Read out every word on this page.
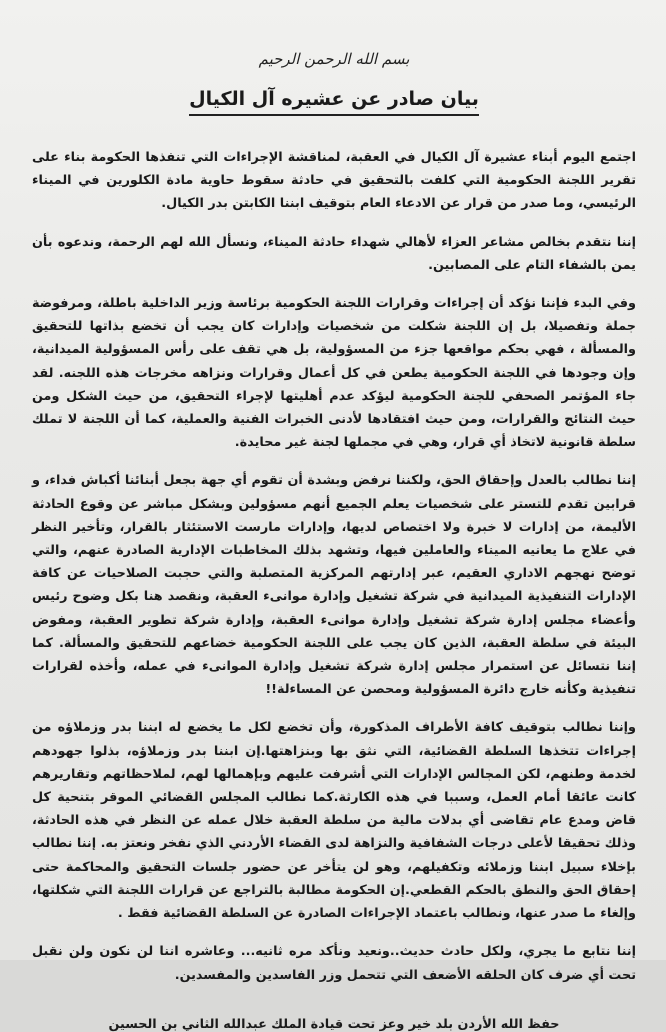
بسم الله الرحمن الرحيم
بيان صادر عن عشيره آل الكيال

اجتمع اليوم أبناء عشيرة آل الكيال في العقبة، لمناقشة الإجراءات التي تنفذها الحكومة بناء على تقرير اللجنة الحكومية التي كلفت بالتحقيق في حادثة سقوط حاوية مادة الكلورين في الميناء الرئيسي، وما صدر من قرار عن الادعاء العام بتوقيف ابننا الكابتن بدر الكيال.

إننا نتقدم بخالص مشاعر العزاء لأهالي شهداء حادثة الميناء، ونسأل الله لهم الرحمة، وندعوه بأن يمن بالشفاء التام على المصابين.

وفي البدء فإننا نؤكد أن إجراءات وقرارات اللجنة الحكومية برئاسة وزير الداخلية باطلة، ومرفوضة جملة وتفصيلا، بل إن اللجنة شكلت من شخصيات وإدارات كان يجب أن تخضع بذاتها للتحقيق والمسألة ، فهي بحكم مواقعها جزء من المسؤولية، بل هي تقف على رأس المسؤولية الميدانية، وإن وجودها في اللجنة الحكومية يطعن في كل أعمال وقرارات ونزاهه مخرجات هذه اللجنه. لقد جاء المؤتمر الصحفي للجنة الحكومية ليؤكد عدم أهليتها لإجراء التحقيق، من حيث الشكل ومن حيث النتائج والقرارات، ومن حيث افتقادها لأدنى الخبرات الفنية والعملية، كما أن اللجنة لا تملك سلطة قانونية لاتخاذ أي قرار، وهي في مجملها لجنة غير محايدة.

إننا نطالب بالعدل وإحقاق الحق، ولكننا نرفض وبشدة أن تقوم أي جهة بجعل أبنائنا أكباش فداء، و قرابين تقدم للتستر على شخصيات يعلم الجميع أنهم مسؤولين وبشكل مباشر عن وقوع الحادثة الأليمة، من إدارات لا خبرة ولا اختصاص لديها، وإدارات مارست الاستئثار بالقرار، وتأخير النظر في علاج ما يعانيه الميناء والعاملين فيها، وتشهد بذلك المخاطبات الإدارية الصادرة عنهم، والتي توضح نهجهم الاداري العقيم، عبر إدارتهم المركزية المتصلبة والتي حجبت الصلاحيات عن كافة الإدارات التنفيذية الميدانية في شركة تشغيل وإدارة موانىء العقبة، ونقصد هنا بكل وضوح رئيس وأعضاء مجلس إدارة شركة تشغيل وإدارة موانىء العقبة، وإدارة شركة تطوير العقبة، ومفوض البيئة في سلطة العقبة، الذين كان يجب على اللجنة الحكومية خضاعهم للتحقيق والمسألة. كما إننا نتسائل عن استمرار مجلس إدارة شركة تشغيل وإدارة الموانىء في عمله، وأخذه لقرارات تنفيذية وكأنه خارج دائرة المسؤولية ومحصن عن المساءلة!!

وإننا نطالب بتوقيف كافة الأطراف المذكورة، وأن تخضع لكل ما يخضع له ابننا بدر وزملاؤه من إجراءات تتخذها السلطة القضائية، التي نثق بها وبنزاهتها.إن ابننا بدر وزملاؤه، بذلوا جهودهم لخدمة وطنهم، لكن المجالس الإدارات التي أشرفت عليهم وبإهمالها لهم، لملاحظاتهم وتقاريرهم كانت عائقا أمام العمل، وسببا في هذه الكارثة.كما نطالب المجلس القضائي الموقر بتنحية كل قاض ومدع عام تقاضى أي بدلات مالية من سلطة العقبة خلال عمله عن النظر في هذه الحادثة، وذلك تحقيقا لأعلى درجات الشفافية والنزاهة لدى القضاء الأردني الذي نفخر ونعتز به. إننا نطالب بإخلاء سبيل ابننا وزملائه وتكفيلهم، وهو لن يتأخر عن حضور جلسات التحقيق والمحاكمة حتى إحقاق الحق والنطق بالحكم القطعي.إن الحكومة مطالبة بالتراجع عن قرارات اللجنة التي شكلتها، وإلغاء ما صدر عنها، ونطالب باعتماد الإجراءات الصادرة عن السلطة القضائية فقط .

إننا نتابع ما يجري، ولكل حادث حديث..ونعيد ونأكد مره ثانيه... وعاشره اننا لن نكون ولن نقبل تحت أي ضرف كان الحلقه الأضعف التي تتحمل وزر الفاسدين والمفسدين.

حفظ الله الأردن بلد خير وعز تحت قيادة الملك عبدالله الثاني بن الحسين
